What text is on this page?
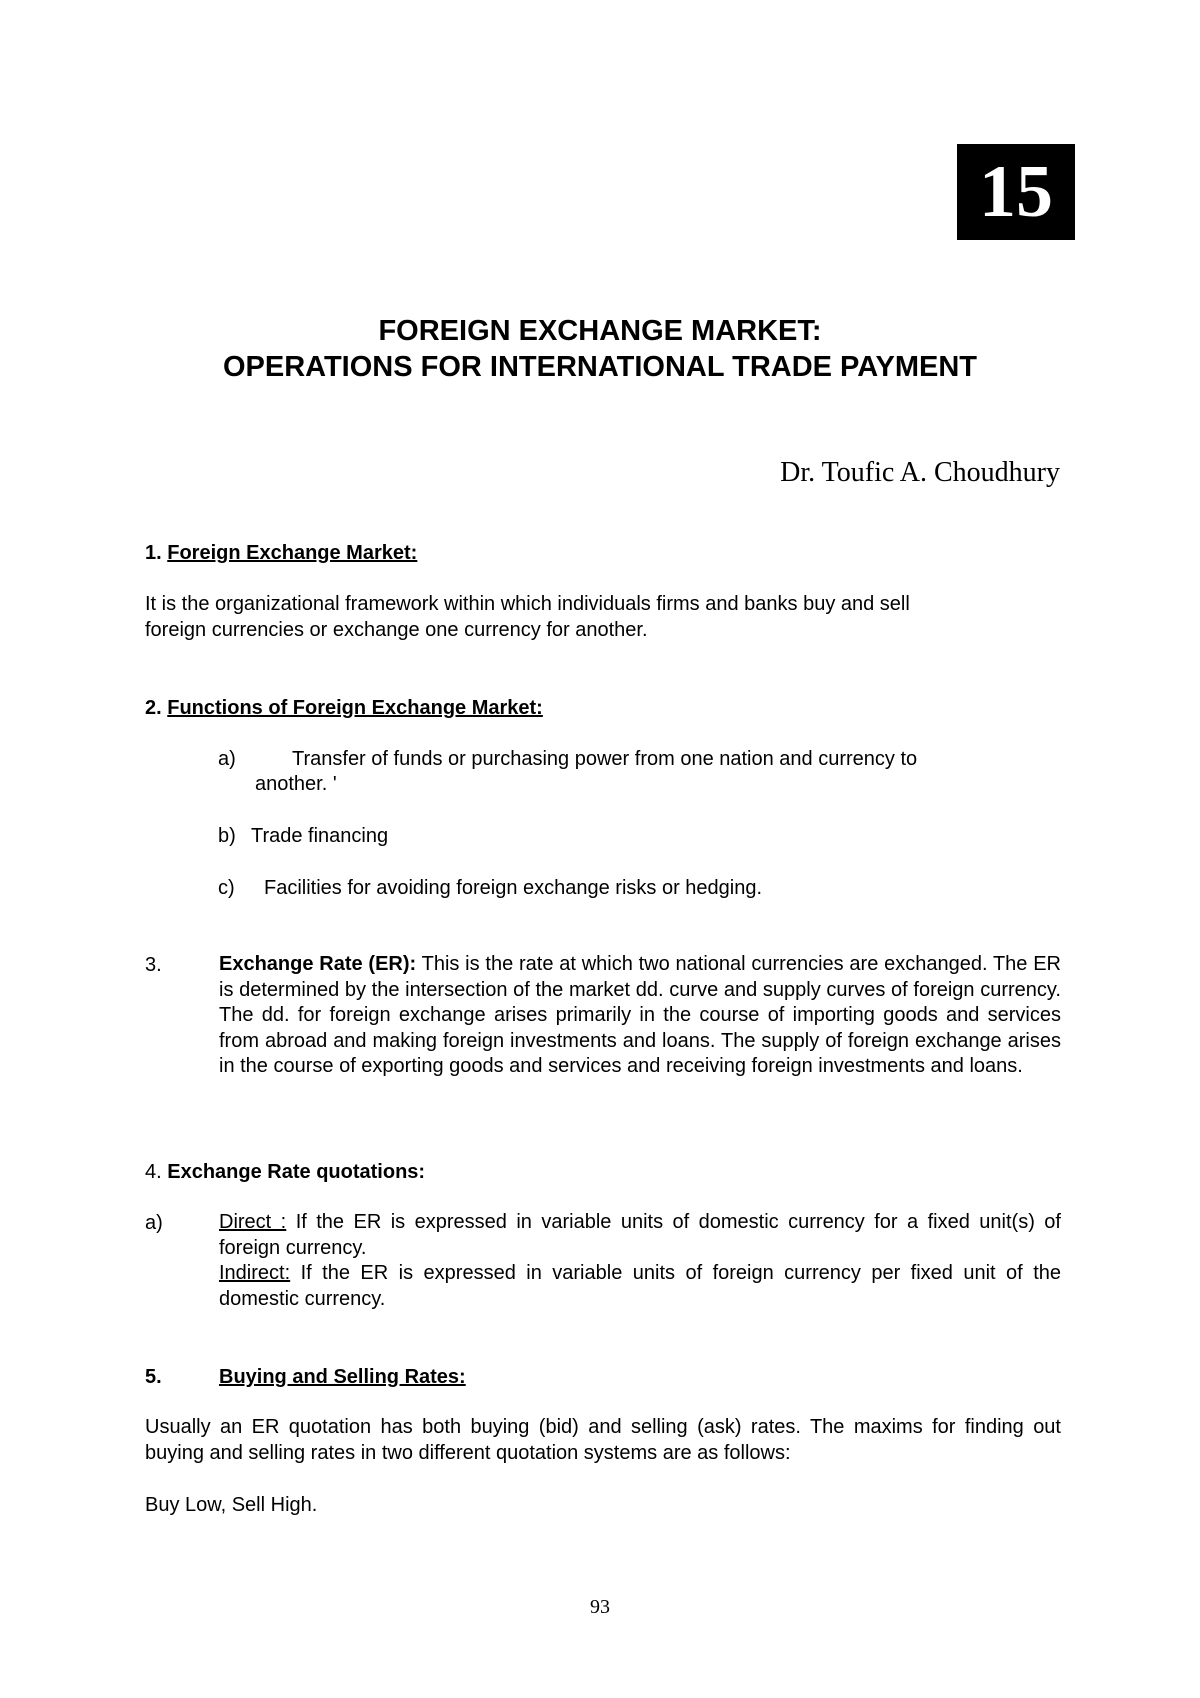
15
FOREIGN EXCHANGE MARKET:
OPERATIONS FOR INTERNATIONAL TRADE PAYMENT
Dr. Toufic A. Choudhury
1. Foreign Exchange Market:
It is the organizational framework within which individuals firms and banks buy and sell
foreign currencies or exchange one currency for another.
2. Functions of Foreign Exchange Market:
a)	Transfer of funds or purchasing power from one nation and currency to
another. '
b) Trade financing
c) Facilities for avoiding foreign exchange risks or hedging.
3.	Exchange Rate (ER): This is the rate at which two national currencies are exchanged. The ER is determined by the intersection of the market dd. curve and supply curves of foreign currency. The dd. for foreign exchange arises primarily in the course of importing goods and services from abroad and making foreign investments and loans. The supply of foreign exchange arises in the course of exporting goods and services and receiving foreign investments and loans.
4. Exchange Rate quotations:
a)	Direct : If the ER is expressed in variable units of domestic currency for a fixed unit(s) of foreign currency.
Indirect: If the ER is expressed in variable units of foreign currency per fixed unit of the domestic currency.
5.	Buying and Selling Rates:
Usually an ER quotation has both buying (bid) and selling (ask) rates. The maxims for finding out buying and selling rates in two different quotation systems are as follows:
Buy Low, Sell High.
93
